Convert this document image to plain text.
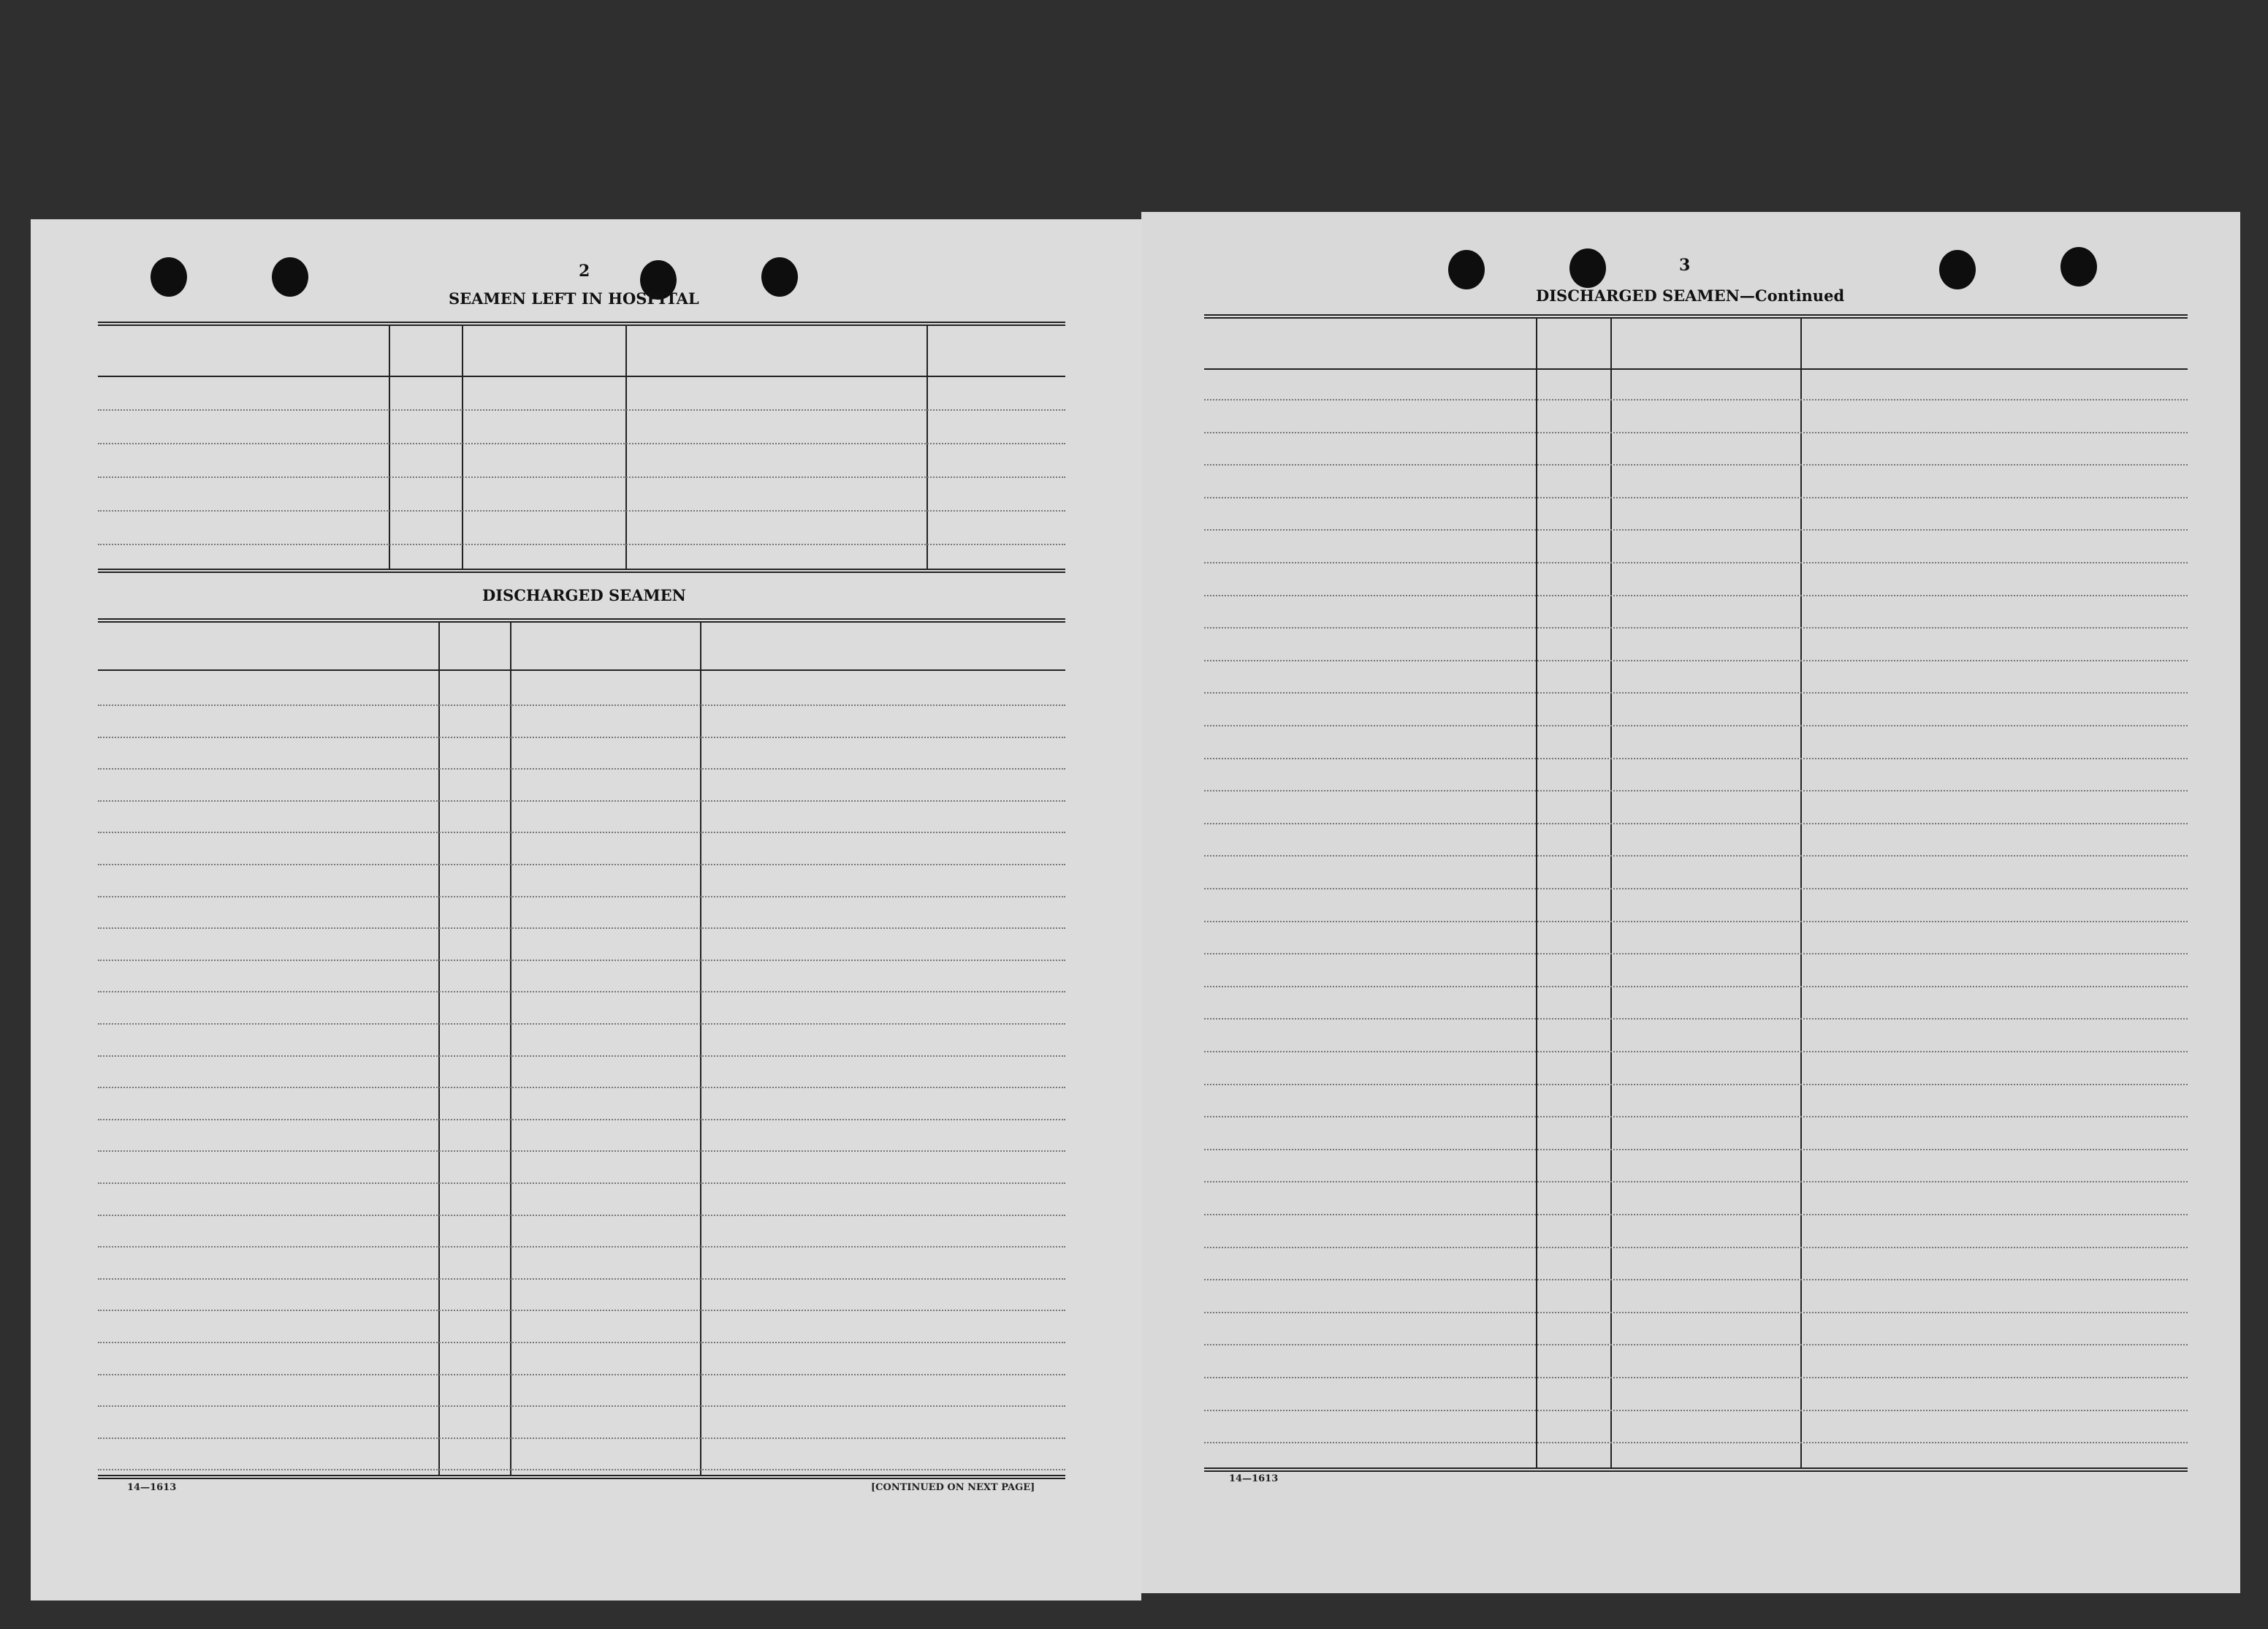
2
SEAMEN LEFT IN HOSPITAL
DISCHARGED SEAMEN
14—1613	[CONTINUED ON NEXT PAGE]
3
DISCHARGED SEAMEN—Continued
14—1613
